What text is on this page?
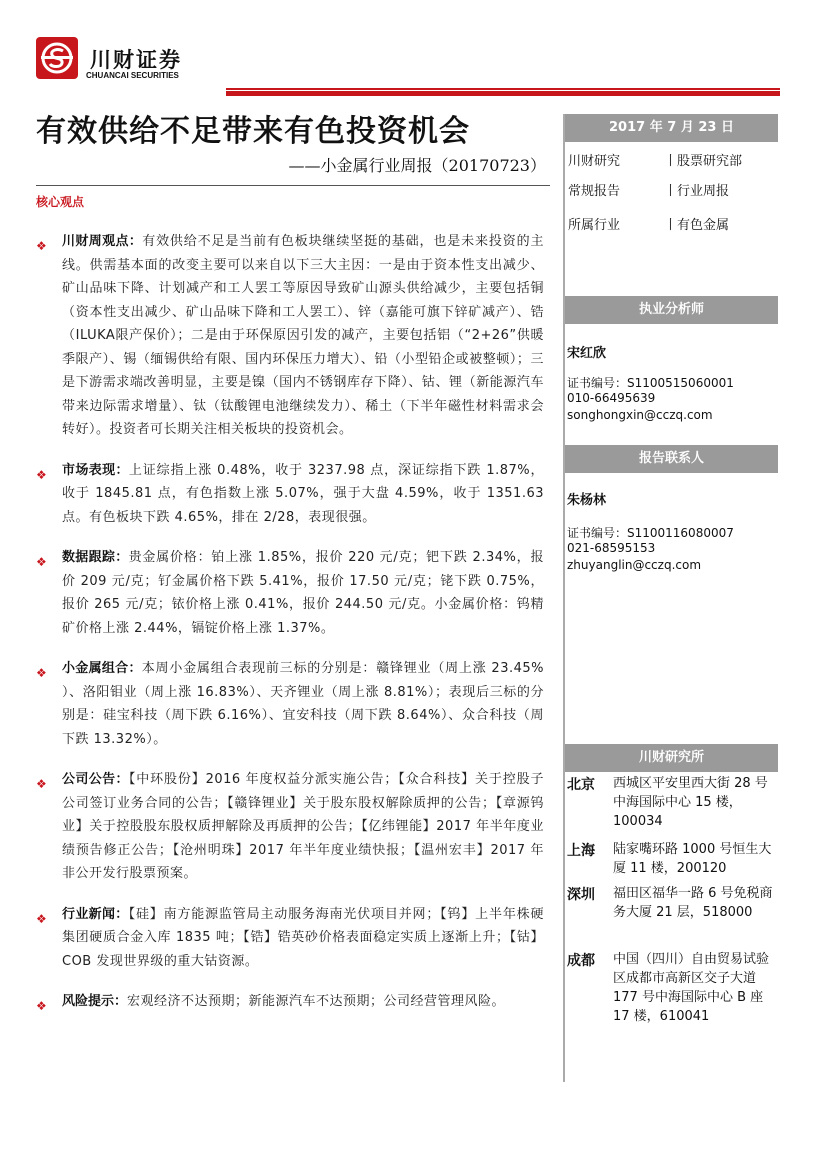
川财证券
CHUANCAI SECURITIES
有效供给不足带来有色投资机会
——小金属行业周报（20170723）
核心观点
❖ 川财周观点：有效供给不足是当前有色板块继续坚挺的基础，也是未来投资的主线。供需基本面的改变主要可以来自以下三大主因：一是由于资本性支出减少、矿山品味下降、计划减产和工人罢工等原因导致矿山源头供给减少，主要包括铜（资本性支出减少、矿山品味下降和工人罢工）、锌（嘉能可旗下锌矿减产）、锆（ILUKA限产保价）；二是由于环保原因引发的减产，主要包括铝（“2+26”供暖季限产）、锡（缅锡供给有限、国内环保压力增大）、铅（小型铅企或被整顿）；三是下游需求端改善明显，主要是镍（国内不锈钢库存下降）、钴、锂（新能源汽车带来边际需求增量）、钛（钛酸锂电池继续发力）、稀土（下半年磁性材料需求会转好）。投资者可长期关注相关板块的投资机会。
❖ 市场表现：上证综指上涨 0.48%，收于 3237.98 点，深证综指下跌 1.87%，收于 1845.81 点，有色指数上涨 5.07%，强于大盘 4.59%，收于 1351.63 点。有色板块下跌 4.65%，排在 2/28，表现很强。
❖ 数据跟踪：贵金属价格：铂上涨 1.85%，报价 220 元/克；钯下跌 2.34%，报价 209 元/克；钌金属价格下跌 5.41%，报价 17.50 元/克；铑下跌 0.75%，报价 265 元/克；铱价格上涨 0.41%，报价 244.50 元/克。小金属价格：钨精矿价格上涨 2.44%，镉锭价格上涨 1.37%。
❖ 小金属组合：本周小金属组合表现前三标的分别是：赣锋锂业（周上涨 23.45% ）、洛阳钼业（周上涨 16.83%）、天齐锂业（周上涨 8.81%）；表现后三标的分别是：硅宝科技（周下跌 6.16%）、宜安科技（周下跌 8.64%）、众合科技（周下跌 13.32%）。
❖ 公司公告：【中环股份】2016 年度权益分派实施公告；【众合科技】关于控股子公司签订业务合同的公告；【赣锋锂业】关于股东股权解除质押的公告；【章源钨业】关于控股股东股权质押解除及再质押的公告；【亿纬锂能】2017 年半年度业绩预告修正公告；【沧州明珠】2017 年半年度业绩快报；【温州宏丰】2017 年非公开发行股票预案。
❖ 行业新闻：【硅】南方能源监管局主动服务海南光伏项目并网；【钨】上半年株硬集团硬质合金入库 1835 吨；【锆】锆英砂价格表面稳定实质上逐渐上升；【钴】COB 发现世界级的重大钴资源。
❖ 风险提示：宏观经济不达预期；新能源汽车不达预期；公司经营管理风险。
2017 年 7 月 23 日
川财研究	丨股票研究部
常规报告	丨行业周报
所属行业	丨有色金属
执业分析师
宋红欣
证书编号：S1100515060001
010-66495639
songhongxin@cczq.com
报告联系人
朱杨林
证书编号：S1100116080007
021-68595153
zhuyanglin@cczq.com
川财研究所
北京 西城区平安里西大街 28 号中海国际中心 15 楼，100034
上海 陆家嘴环路 1000 号恒生大厦 11 楼，200120
深圳 福田区福华一路 6 号免税商务大厦 21 层，518000
成都 中国（四川）自由贸易试验区成都市高新区交子大道 177 号中海国际中心 B 座 17 楼，610041
